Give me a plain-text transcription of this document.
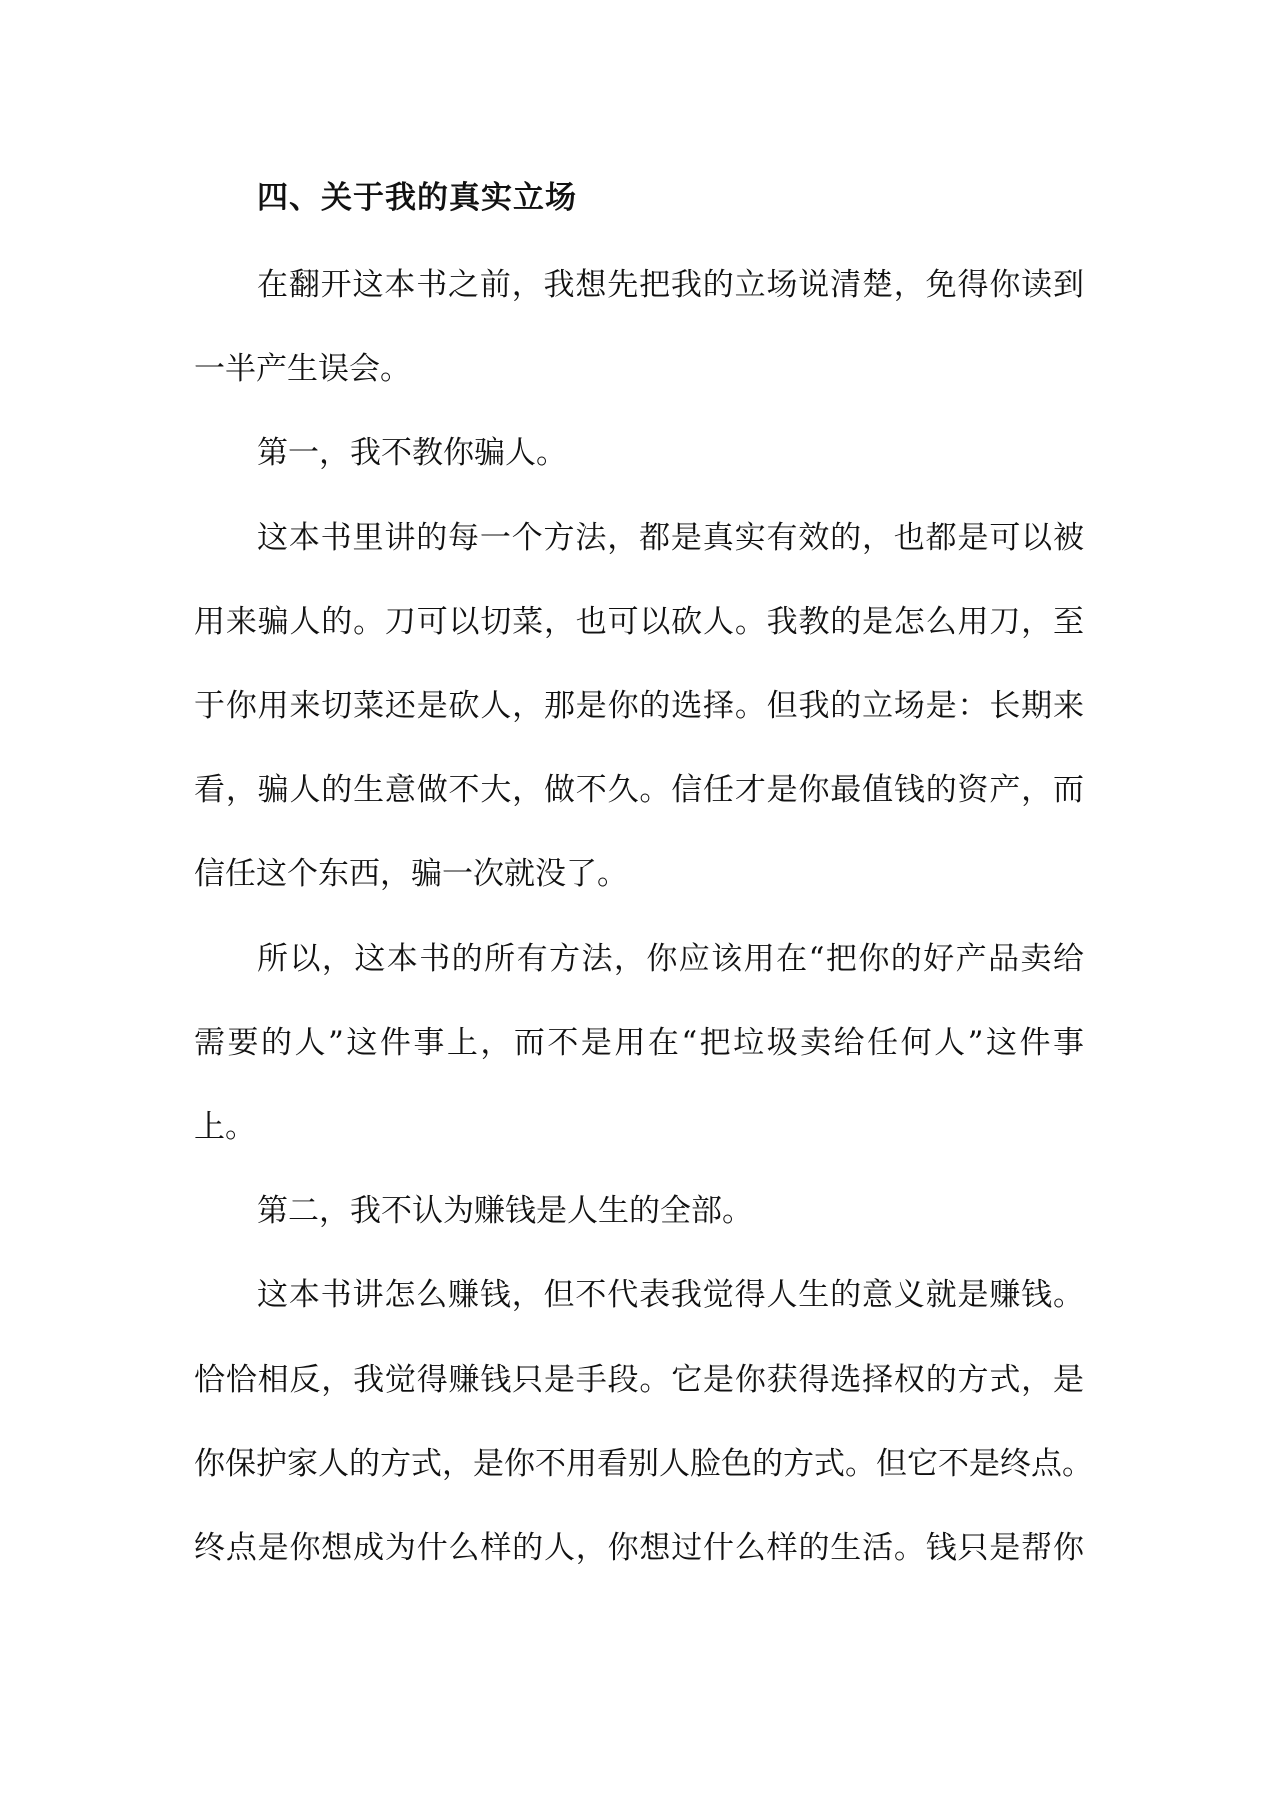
四、关于我的真实立场
在翻开这本书之前，我想先把我的立场说清楚，免得你读到
一半产生误会。
第一，我不教你骗人。
这本书里讲的每一个方法，都是真实有效的，也都是可以被
用来骗人的。刀可以切菜，也可以砍人。我教的是怎么用刀，至
于你用来切菜还是砍人，那是你的选择。但我的立场是：长期来
看，骗人的生意做不大，做不久。信任才是你最值钱的资产，而
信任这个东西，骗一次就没了。
所以，这本书的所有方法，你应该用在“把你的好产品卖给
需要的人”这件事上，而不是用在“把垃圾卖给任何人”这件事
上。
第二，我不认为赚钱是人生的全部。
这本书讲怎么赚钱，但不代表我觉得人生的意义就是赚钱。
恰恰相反，我觉得赚钱只是手段。它是你获得选择权的方式，是
你保护家人的方式，是你不用看别人脸色的方式。但它不是终点。
终点是你想成为什么样的人，你想过什么样的生活。钱只是帮你
